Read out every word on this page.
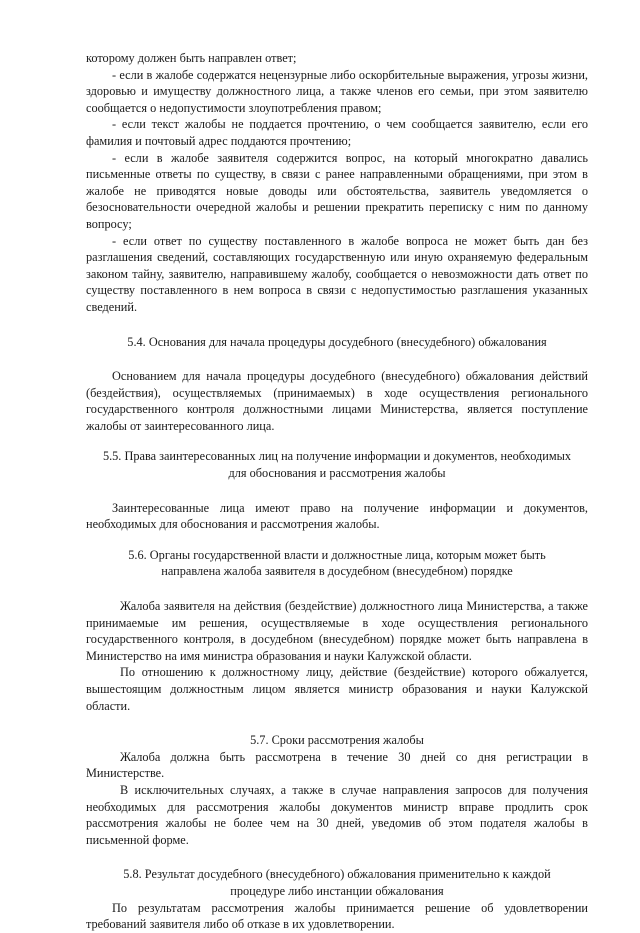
которому должен быть направлен ответ;

- если в жалобе содержатся нецензурные либо оскорбительные выражения, угрозы жизни, здоровью и имуществу должностного лица, а также членов его семьи, при этом заявителю сообщается о недопустимости злоупотребления правом;

- если текст жалобы не поддается прочтению, о чем сообщается заявителю, если его фамилия и почтовый адрес поддаются прочтению;

- если в жалобе заявителя содержится вопрос, на который многократно давались письменные ответы по существу, в связи с ранее направленными обращениями, при этом в жалобе не приводятся новые доводы или обстоятельства, заявитель уведомляется о безосновательности очередной жалобы и решении прекратить переписку с ним по данному вопросу;

- если ответ по существу поставленного в жалобе вопроса не может быть дан без разглашения сведений, составляющих государственную или иную охраняемую федеральным законом тайну, заявителю, направившему жалобу, сообщается о невозможности дать ответ по существу поставленного в нем вопроса в связи с недопустимостью разглашения указанных сведений.

5.4. Основания для начала процедуры досудебного (внесудебного) обжалования

Основанием для начала процедуры досудебного (внесудебного) обжалования действий (бездействия), осуществляемых (принимаемых) в ходе осуществления регионального государственного контроля должностными лицами Министерства, является поступление жалобы от заинтересованного лица.

5.5. Права заинтересованных лиц на получение информации и документов, необходимых

для обоснования и рассмотрения жалобы

Заинтересованные лица имеют право на получение информации и документов, необходимых для обоснования и рассмотрения жалобы.

5.6. Органы государственной власти и должностные лица, которым может быть

направлена жалоба заявителя в досудебном (внесудебном) порядке

Жалоба заявителя на действия (бездействие) должностного лица Министерства, а также принимаемые им решения, осуществляемые в ходе осуществления регионального государственного контроля, в досудебном (внесудебном) порядке может быть направлена в Министерство на имя министра образования и науки Калужской области.

По отношению к должностному лицу, действие (бездействие) которого обжалуется, вышестоящим должностным лицом является министр образования и науки Калужской области.

5.7. Сроки рассмотрения жалобы

Жалоба должна быть рассмотрена в течение 30 дней со дня регистрации в Министерстве.

В исключительных случаях, а также в случае направления запросов для получения необходимых для рассмотрения жалобы документов министр вправе продлить срок рассмотрения жалобы не более чем на 30 дней, уведомив об этом подателя жалобы в письменной форме.

5.8. Результат досудебного (внесудебного) обжалования применительно к каждой

процедуре либо инстанции обжалования

По результатам рассмотрения жалобы принимается решение об удовлетворении требований заявителя либо об отказе в их удовлетворении.
